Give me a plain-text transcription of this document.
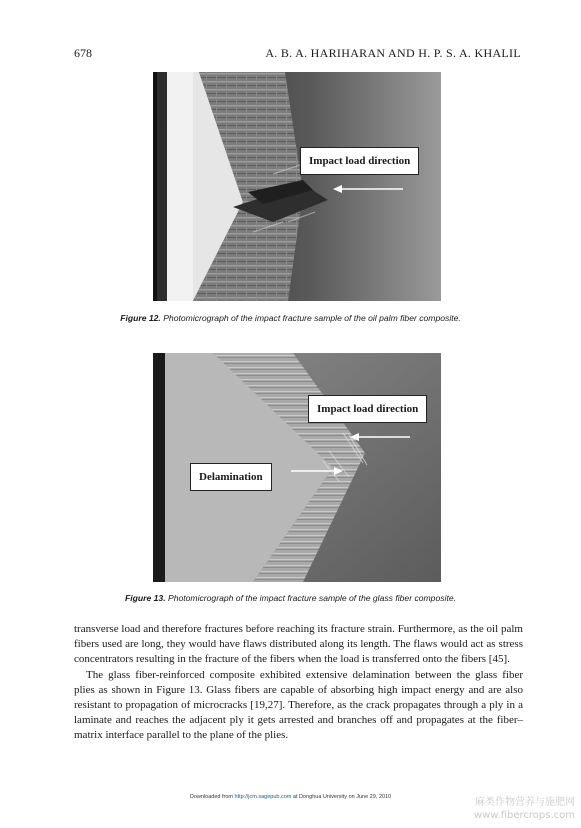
678	A. B. A. HARIHARAN AND H. P. S. A. KHALIL
Impact load direction
Figure 12. Photomicrograph of the impact fracture sample of the oil palm fiber composite.
Impact load direction
Delamination
Figure 13. Photomicrograph of the impact fracture sample of the glass fiber composite.

transverse load and therefore fractures before reaching its fracture strain. Furthermore, as the oil palm fibers used are long, they would have flaws distributed along its length. The flaws would act as stress concentrators resulting in the fracture of the fibers when the load is transferred onto the fibers [45].

The glass fiber-reinforced composite exhibited extensive delamination between the glass fiber plies as shown in Figure 13. Glass fibers are capable of absorbing high impact energy and are also resistant to propagation of microcracks [19,27]. Therefore, as the crack propagates through a ply in a laminate and reaches the adjacent ply it gets arrested and branches off and propagates at the fiber–matrix interface parallel to the plane of the plies.

Downloaded from http://jcm.sagepub.com at Donghua University on June 29, 2010	麻类作物营养与施肥网
www.fibercrops.com
